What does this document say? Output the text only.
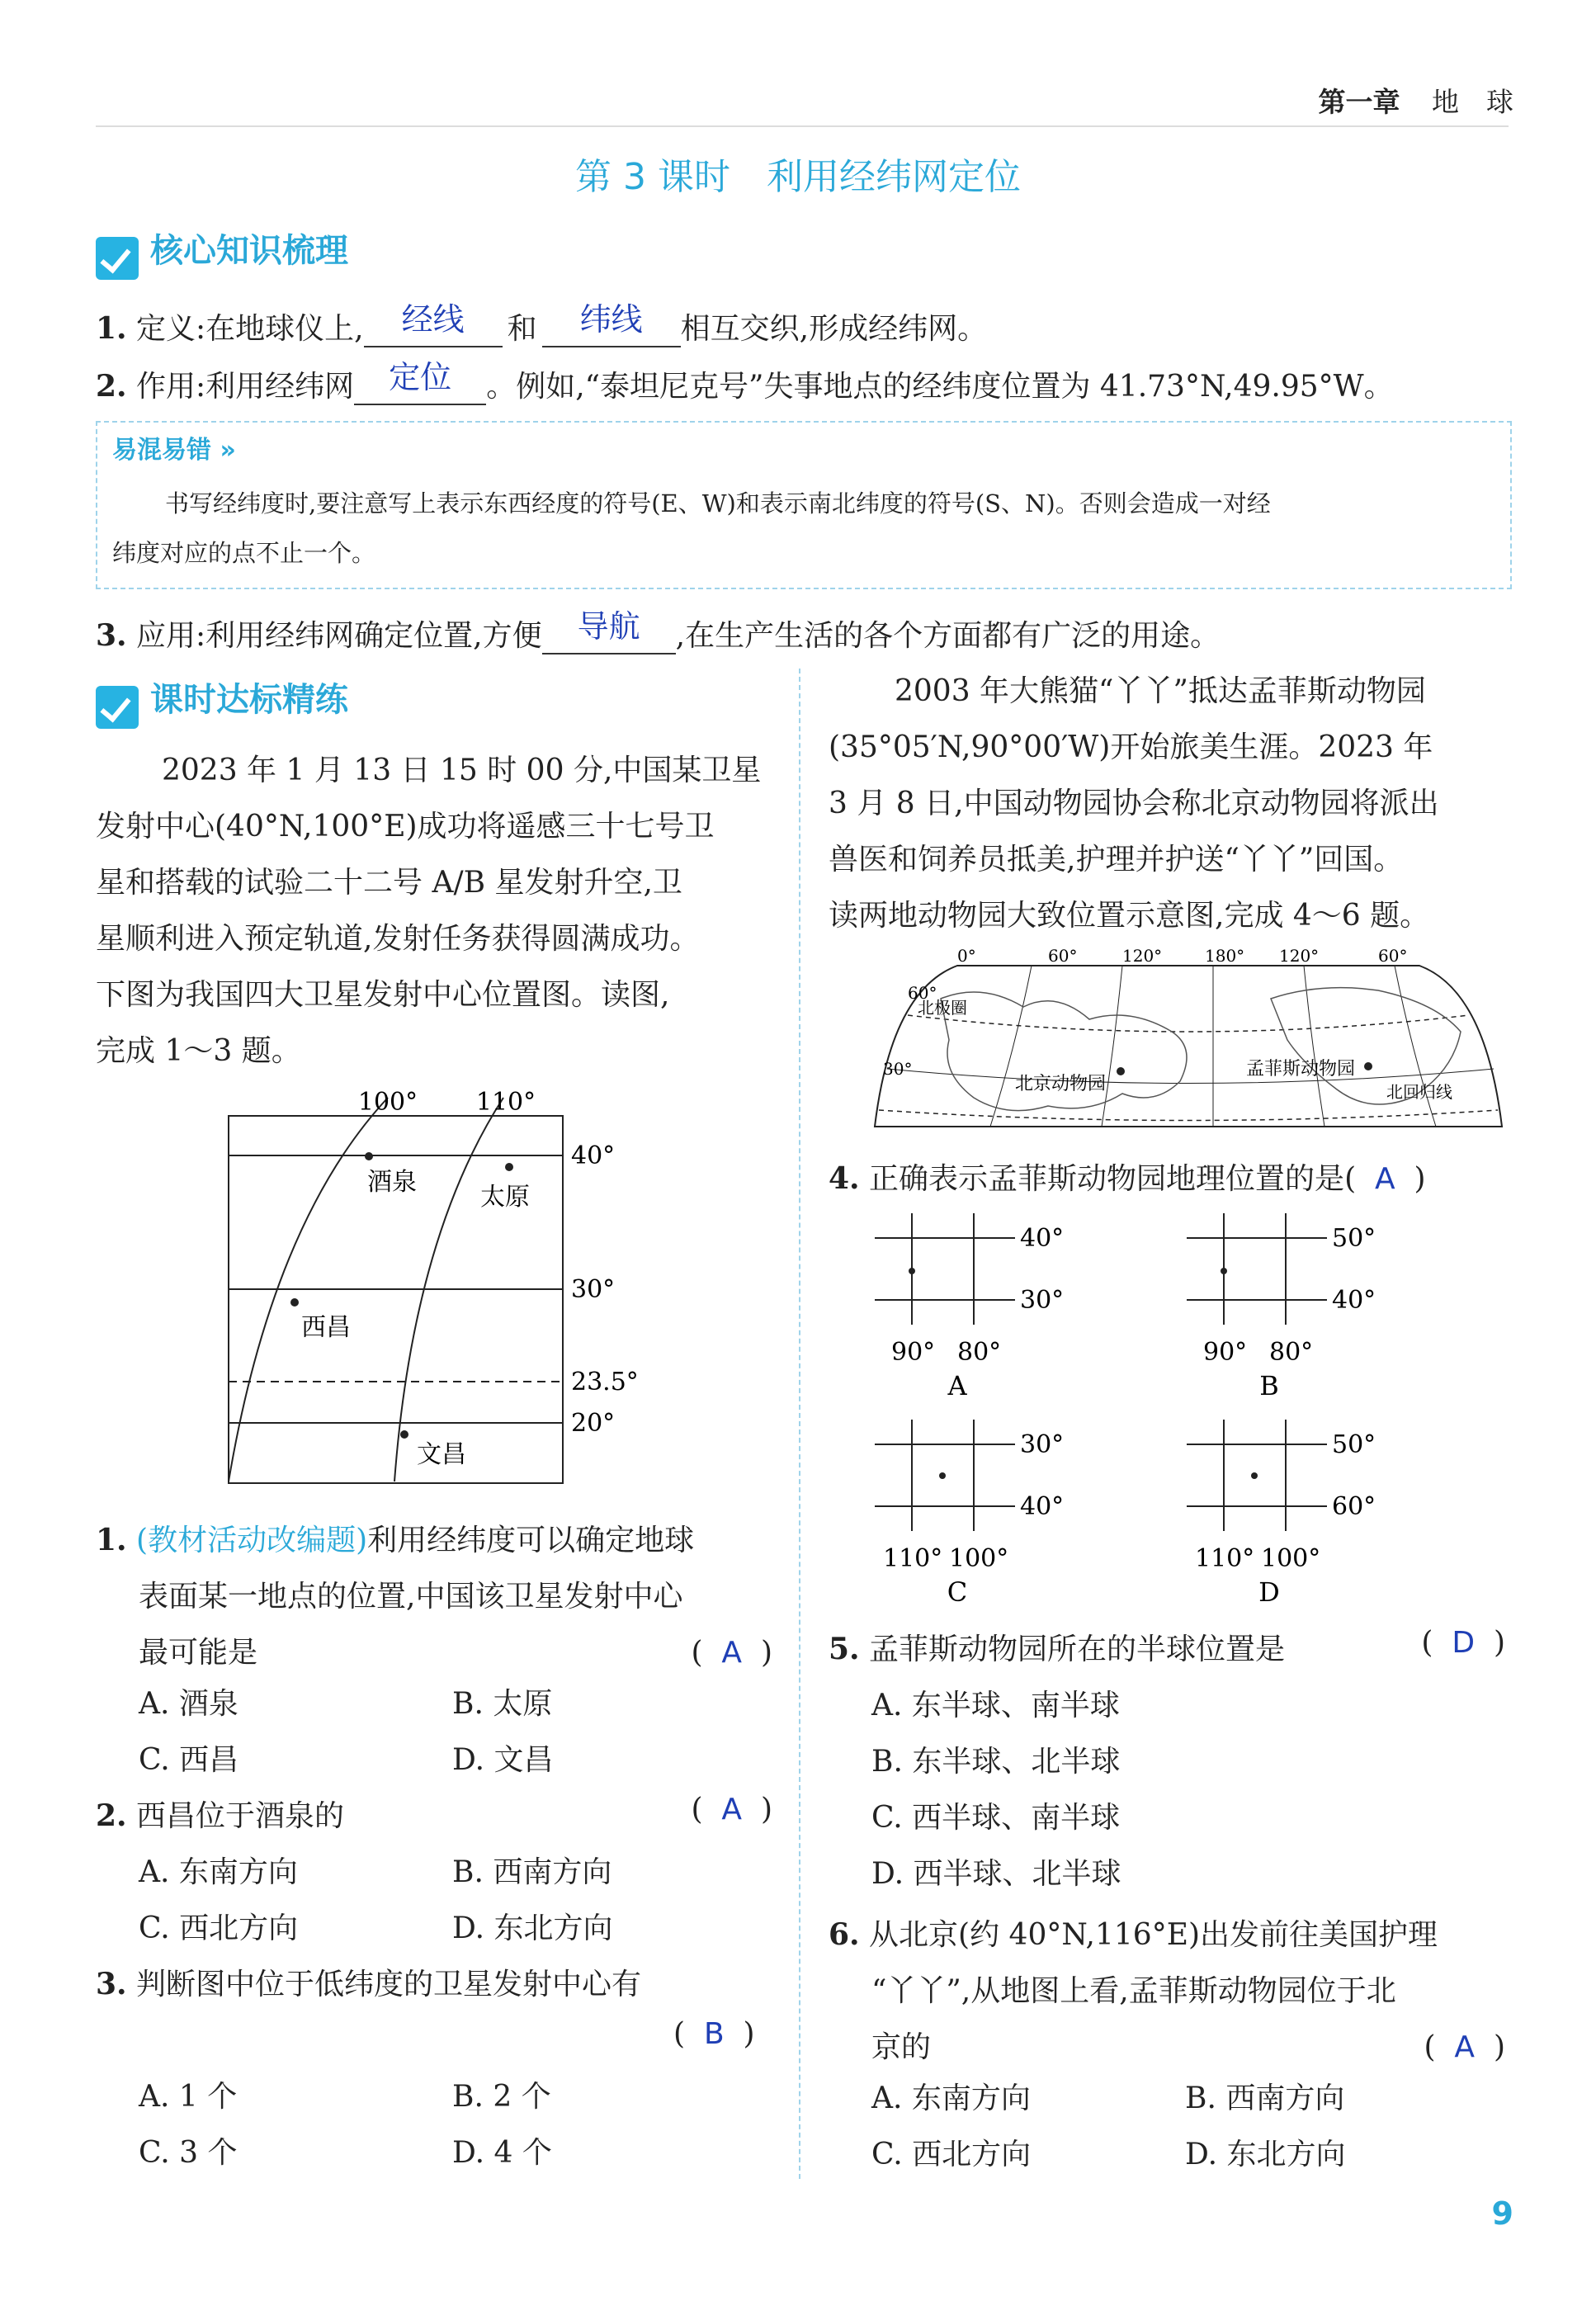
第一章 地　球
第 3 课时　利用经纬网定位
核心知识梳理
1. 定义:在地球仪上,	经线	和	纬线	相互交织,形成经纬网。
2. 作用:利用经纬网	定位	。例如,“泰坦尼克号”失事地点的经纬度位置为 41.73°N,49.95°W。
易混易错 »
书写经纬度时,要注意写上表示东西经度的符号(E、W)和表示南北纬度的符号(S、N)。否则会造成一对经
纬度对应的点不止一个。
3. 应用:利用经纬网确定位置,方便	导航	,在生产生活的各个方面都有广泛的用途。
课时达标精练
2023 年 1 月 13 日 15 时 00 分,中国某卫星
发射中心(40°N,100°E)成功将遥感三十七号卫
星和搭载的试验二十二号 A/B 星发射升空,卫
星顺利进入预定轨道,发射任务获得圆满成功。
下图为我国四大卫星发射中心位置图。读图,
完成 1～3 题。
100° 110°
40°
30°
23.5°
20°
酒泉
太原
西昌
文昌
1. (教材活动改编题)利用经纬度可以确定地球
表面某一地点的位置,中国该卫星发射中心
最可能是	(  A  )
A. 酒泉	B. 太原
C. 西昌	D. 文昌
2. 西昌位于酒泉的	(  A  )
A. 东南方向	B. 西南方向
C. 西北方向	D. 东北方向
3. 判断图中位于低纬度的卫星发射中心有
(  B  )
A. 1 个	B. 2 个
C. 3 个	D. 4 个
2003 年大熊猫“丫丫”抵达孟菲斯动物园
(35°05′N,90°00′W)开始旅美生涯。2023 年
3 月 8 日,中国动物园协会称北京动物园将派出
兽医和饲养员抵美,护理并护送“丫丫”回国。
读两地动物园大致位置示意图,完成 4～6 题。
0°	60°	120°	180° 120°	60°
60°
30°
北极圈
北京动物园
孟菲斯动物园
北回归线
4. 正确表示孟菲斯动物园地理位置的是(  A  )
40°
30°
90° 80°
A
50°
40°
90° 80°
B
30°
40°
110° 100°
C
50°
60°
110° 100°
D
5. 孟菲斯动物园所在的半球位置是	(  D  )
A. 东半球、南半球
B. 东半球、北半球
C. 西半球、南半球
D. 西半球、北半球
6. 从北京(约 40°N,116°E)出发前往美国护理
“丫丫”,从地图上看,孟菲斯动物园位于北
京的	(  A  )
A. 东南方向	B. 西南方向
C. 西北方向	D. 东北方向
9
